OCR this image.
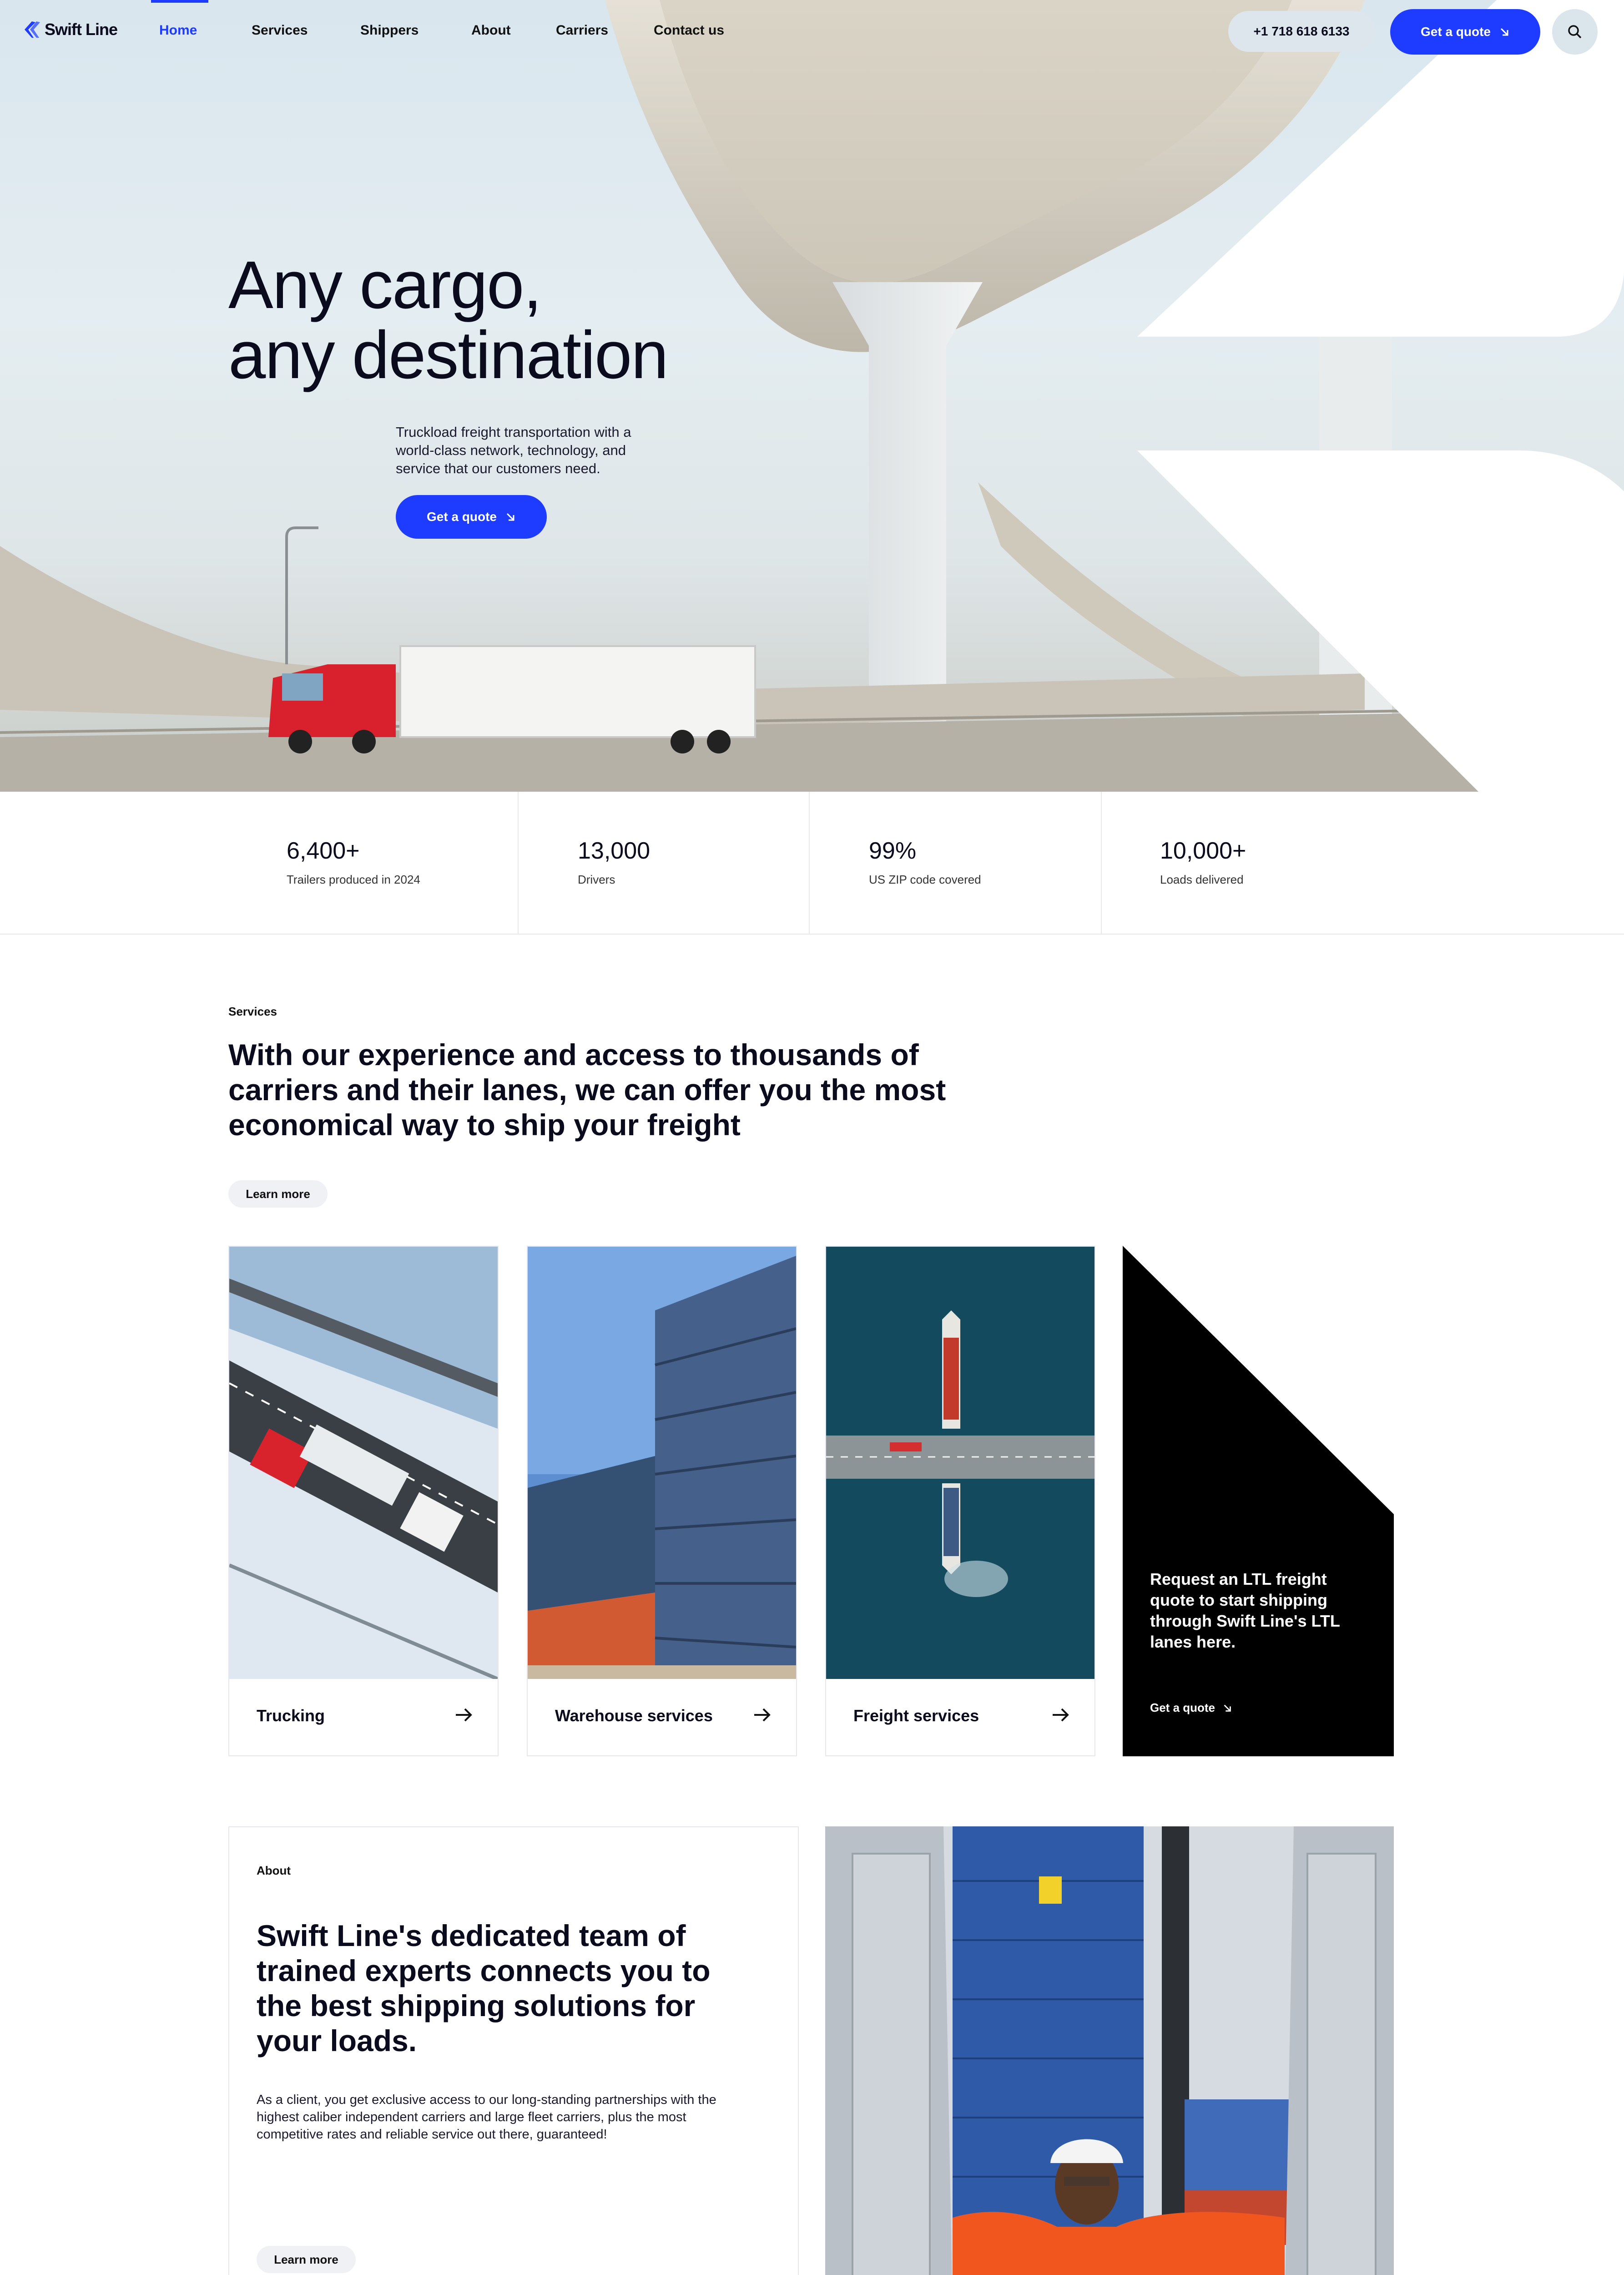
Swift Line	Home	Services	Shippers	About	Carriers	Contact us	+1 718 618 6133	Get a quote
Any cargo,
any destination

Truckload freight transportation with a world-class network, technology, and service that our customers need.

Get a quote
6,400+
Trailers produced in 2024
13,000
Drivers
99%
US ZIP code covered
10,000+
Loads delivered
Services
With our experience and access to thousands of carriers and their lanes, we can offer you the most economical way to ship your freight
Learn more
Trucking	Warehouse services	Freight services

Request an LTL freight quote to start shipping through Swift Line's LTL lanes here.

Get a quote
About
Swift Line's dedicated team of trained experts connects you to the best shipping solutions for your loads.

As a client, you get exclusive access to our long-standing partnerships with the highest caliber independent carriers and large fleet carriers, plus the most competitive rates and reliable service out there, guaranteed!

Learn more
